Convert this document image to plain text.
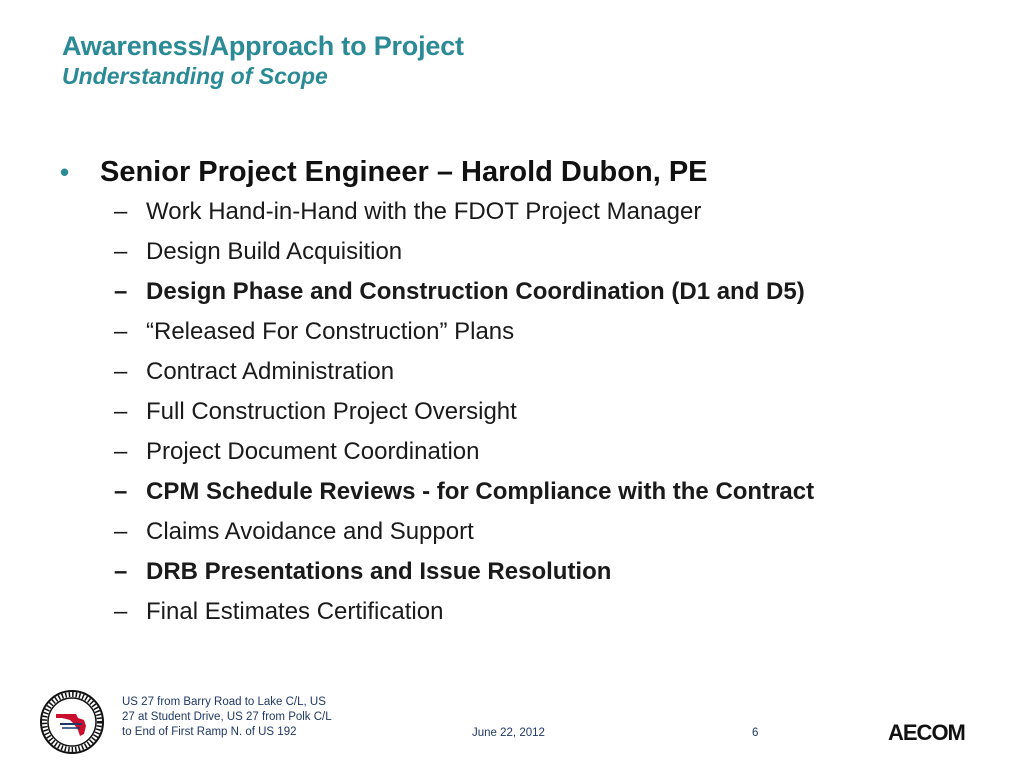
Awareness/Approach to Project
Understanding of Scope
•	Senior Project Engineer – Harold Dubon, PE
– Work Hand-in-Hand with the FDOT Project Manager
– Design Build Acquisition
– Design Phase and Construction Coordination (D1 and D5)
– “Released For Construction” Plans
– Contract Administration
– Full Construction Project Oversight
– Project Document Coordination
– CPM Schedule Reviews - for Compliance with the Contract
– Claims Avoidance and Support
– DRB Presentations and Issue Resolution
– Final Estimates Certification
US 27 from Barry Road to Lake C/L, US 27 at Student Drive, US 27 from Polk C/L to End of First Ramp N. of US 192	June 22, 2012	6	AECOM
